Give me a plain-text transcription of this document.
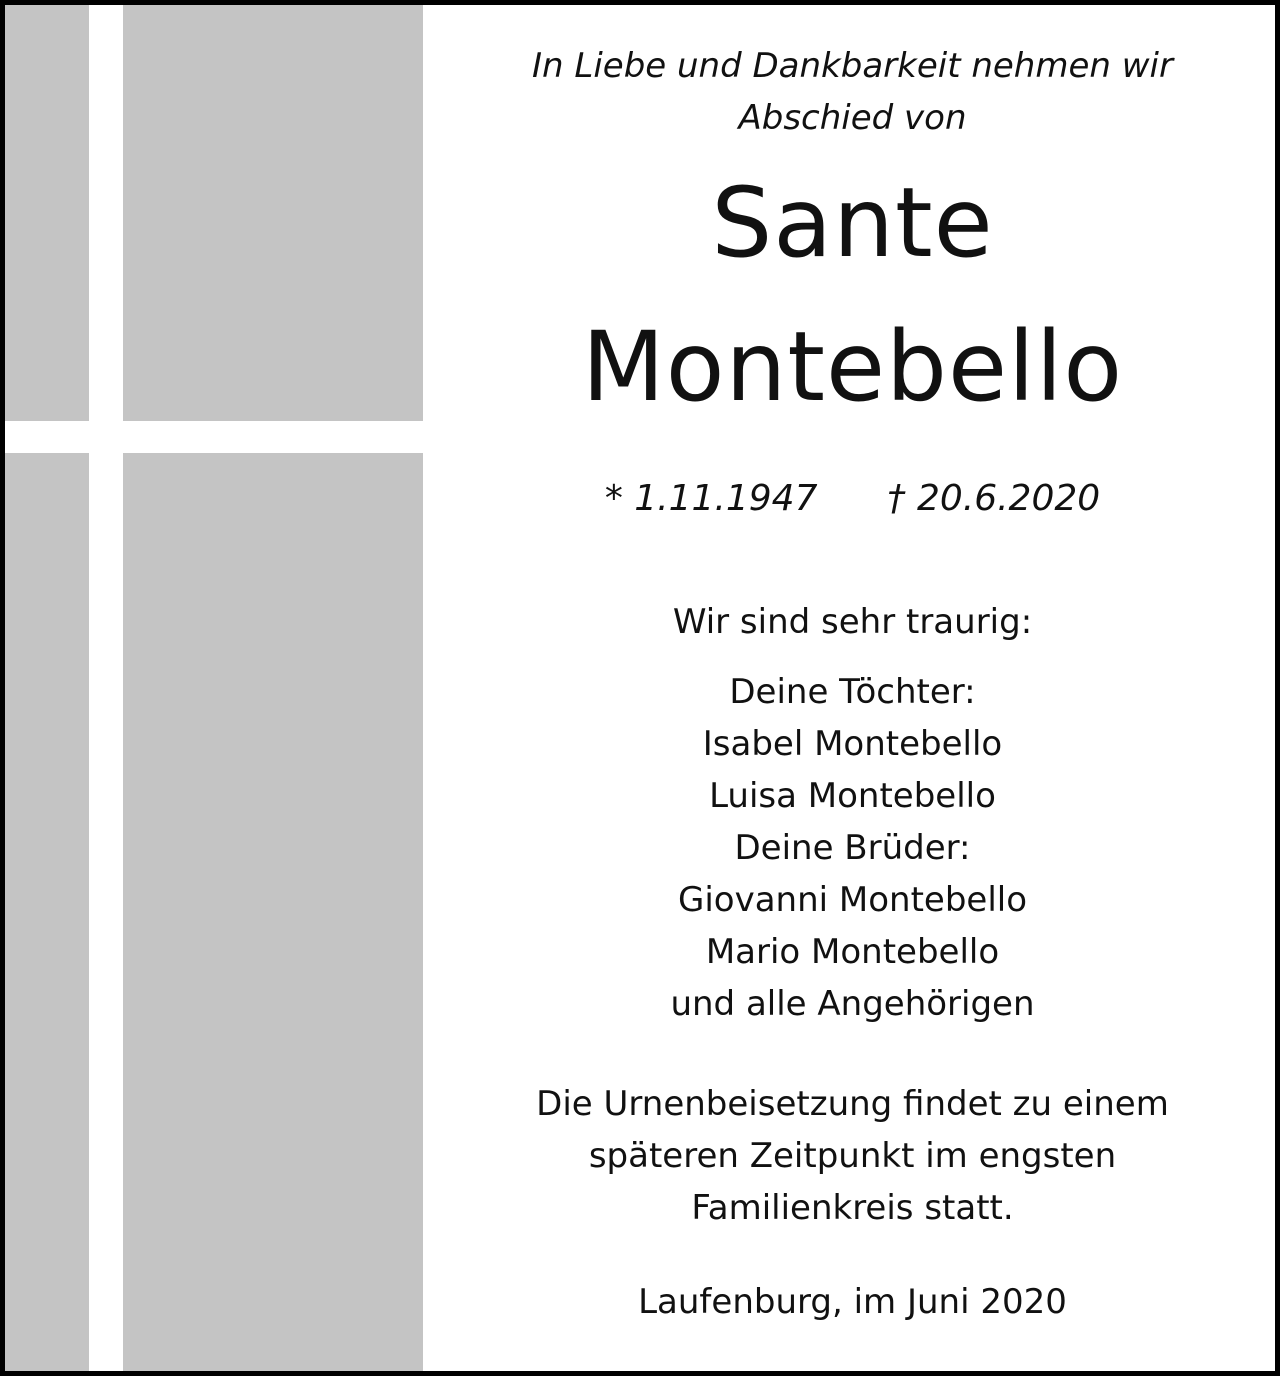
In Liebe und Dankbarkeit nehmen wir
Abschied von
Sante
Montebello
* 1.11.1947 † 20.6.2020
Wir sind sehr traurig:
Deine Töchter:
Isabel Montebello
Luisa Montebello
Deine Brüder:
Giovanni Montebello
Mario Montebello
und alle Angehörigen
Die Urnenbeisetzung findet zu einem
späteren Zeitpunkt im engsten
Familienkreis statt.
Laufenburg, im Juni 2020
